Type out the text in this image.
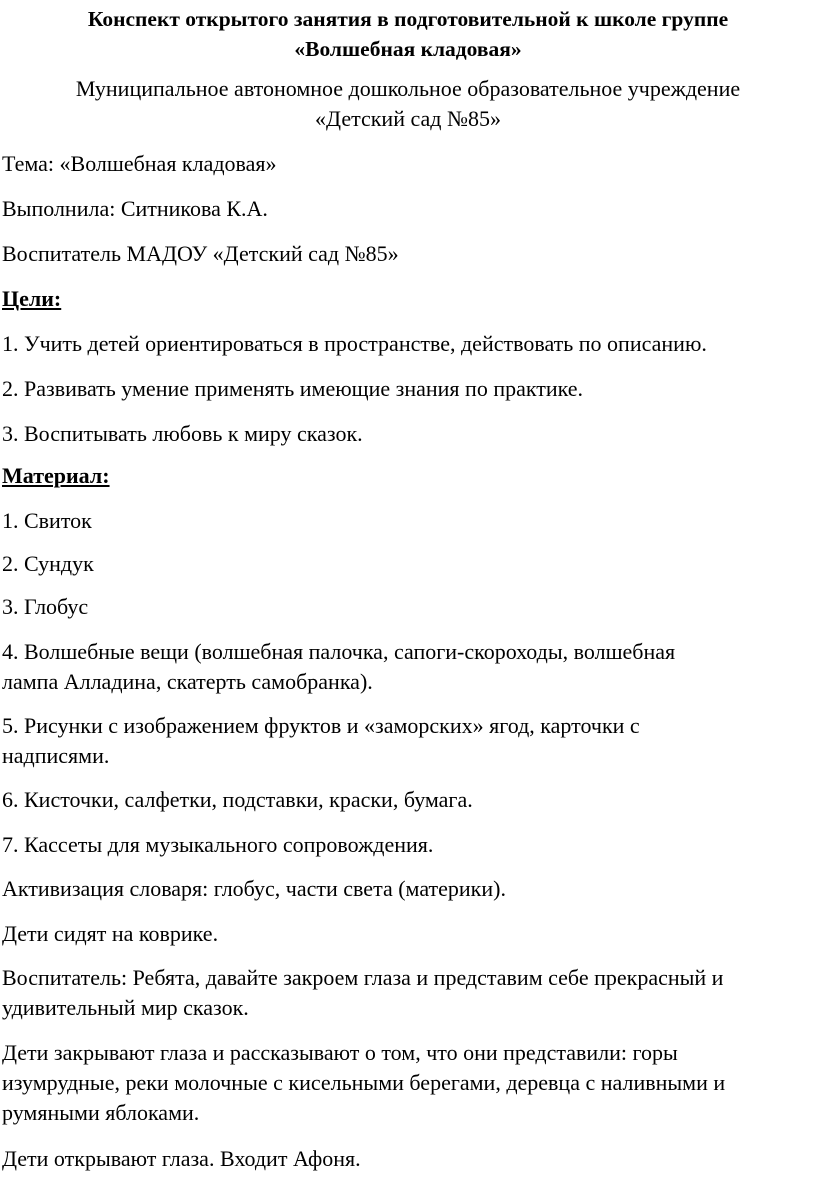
Конспект открытого занятия в подготовительной к школе группе
«Волшебная кладовая»
Муниципальное автономное дошкольное образовательное учреждение
«Детский сад №85»

Тема: «Волшебная кладовая»

Выполнила: Ситникова К.А.

Воспитатель МАДОУ «Детский сад №85»

Цели:

1. Учить детей ориентироваться в пространстве, действовать по описанию.

2. Развивать умение применять имеющие знания по практике.

3. Воспитывать любовь к миру сказок.

Материал:

1. Свиток

2. Сундук

3. Глобус

4. Волшебные вещи (волшебная палочка, сапоги-скороходы, волшебная

лампа Алладина, скатерть самобранка).

5. Рисунки с изображением фруктов и «заморских» ягод, карточки с

надписями.

6. Кисточки, салфетки, подставки, краски, бумага.

7. Кассеты для музыкального сопровождения.

Активизация словаря: глобус, части света (материки).

Дети сидят на коврике.

Воспитатель: Ребята, давайте закроем глаза и представим себе прекрасный и

удивительный мир сказок.

Дети закрывают глаза и рассказывают о том, что они представили: горы

изумрудные, реки молочные с кисельными берегами, деревца с наливными и

румяными яблоками.

Дети открывают глаза. Входит Афоня.
